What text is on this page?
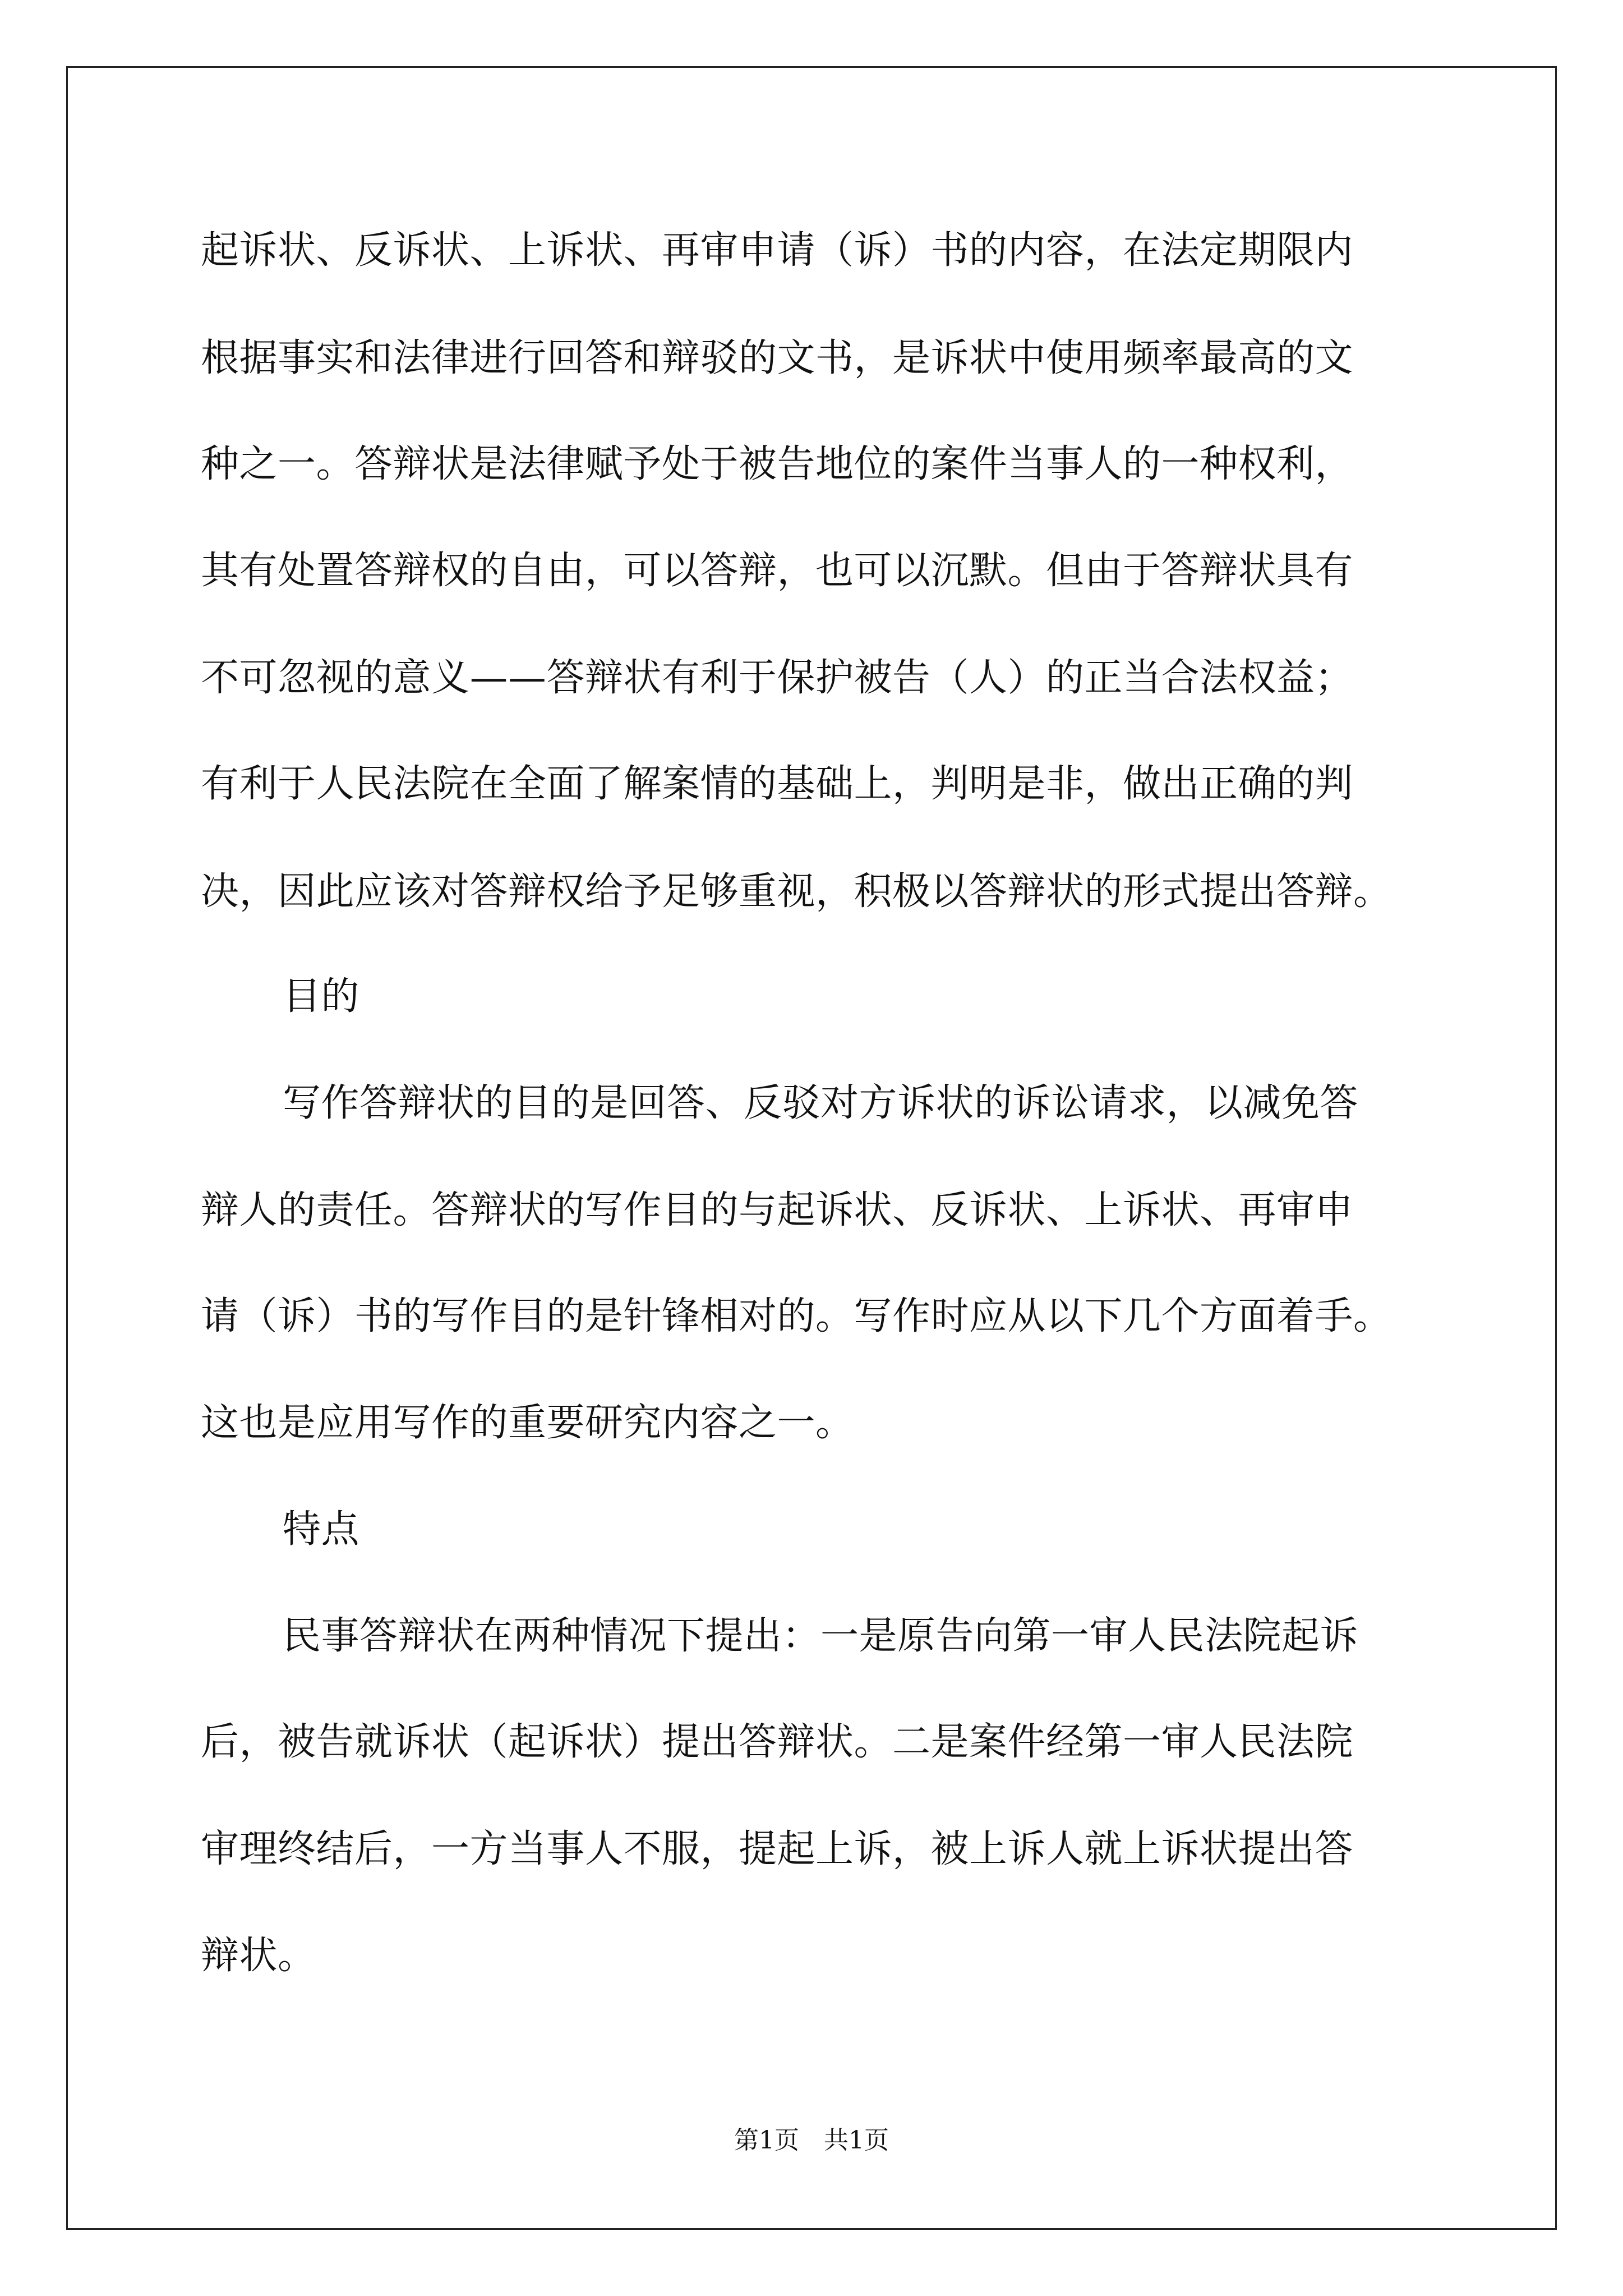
起诉状、反诉状、上诉状、再审申请（诉）书的内容，在法定期限内
根据事实和法律进行回答和辩驳的文书，是诉状中使用频率最高的文
种之一。答辩状是法律赋予处于被告地位的案件当事人的一种权利，
其有处置答辩权的自由，可以答辩，也可以沉默。但由于答辩状具有
不可忽视的意义——答辩状有利于保护被告（人）的正当合法权益；
有利于人民法院在全面了解案情的基础上，判明是非，做出正确的判
决，因此应该对答辩权给予足够重视，积极以答辩状的形式提出答辩。
目的
写作答辩状的目的是回答、反驳对方诉状的诉讼请求，以减免答
辩人的责任。答辩状的写作目的与起诉状、反诉状、上诉状、再审申
请（诉）书的写作目的是针锋相对的。写作时应从以下几个方面着手。
这也是应用写作的重要研究内容之一。
特点
民事答辩状在两种情况下提出：一是原告向第一审人民法院起诉
后，被告就诉状（起诉状）提出答辩状。二是案件经第一审人民法院
审理终结后，一方当事人不服，提起上诉，被上诉人就上诉状提出答
辩状。
第1页　共1页
